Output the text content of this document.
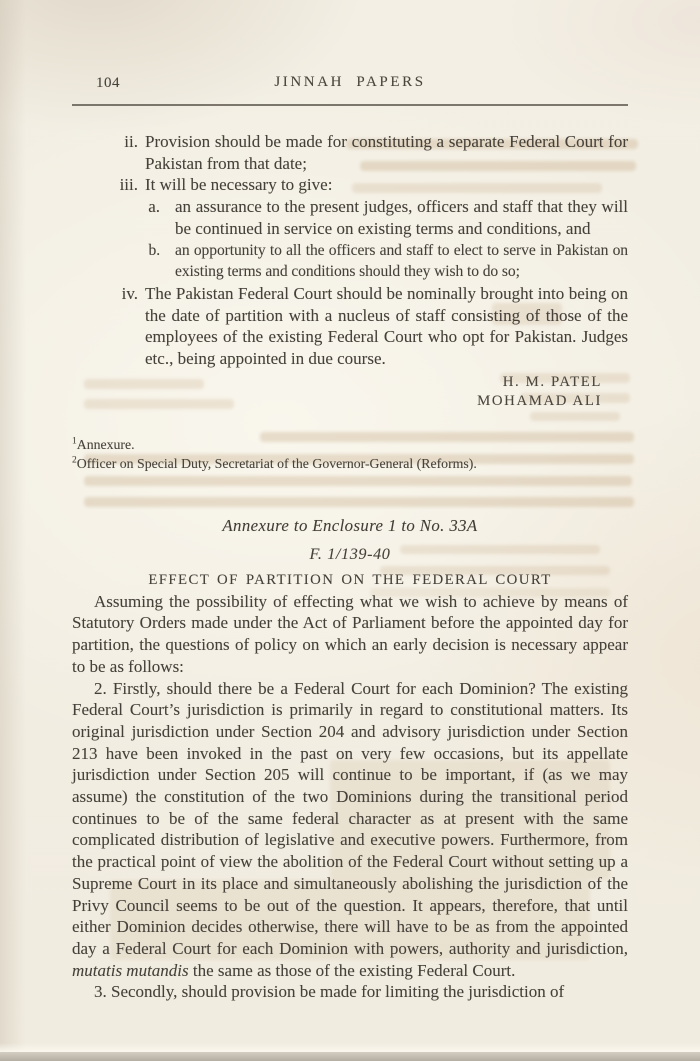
104	JINNAH PAPERS
ii. Provision should be made for constituting a separate Federal Court for Pakistan from that date;
iii. It will be necessary to give:
a. an assurance to the present judges, officers and staff that they will be continued in service on existing terms and conditions, and
b. an opportunity to all the officers and staff to elect to serve in Pakistan on existing terms and conditions should they wish to do so;
iv. The Pakistan Federal Court should be nominally brought into being on the date of partition with a nucleus of staff consisting of those of the employees of the existing Federal Court who opt for Pakistan. Judges etc., being appointed in due course.
H. M. PATEL
MOHAMAD ALI
$^1$Annexure.
$^2$Officer on Special Duty, Secretariat of the Governor-General (Reforms).
Annexure to Enclosure 1 to No. 33A
F. 1/139-40
EFFECT OF PARTITION ON THE FEDERAL COURT

Assuming the possibility of effecting what we wish to achieve by means of Statutory Orders made under the Act of Parliament before the appointed day for partition, the questions of policy on which an early decision is necessary appear to be as follows:

2. Firstly, should there be a Federal Court for each Dominion? The existing Federal Court’s jurisdiction is primarily in regard to constitutional matters. Its original jurisdiction under Section 204 and advisory jurisdiction under Section 213 have been invoked in the past on very few occasions, but its appellate jurisdiction under Section 205 will continue to be important, if (as we may assume) the constitution of the two Dominions during the transitional period continues to be of the same federal character as at present with the same complicated distribution of legislative and executive powers. Furthermore, from the practical point of view the abolition of the Federal Court without setting up a Supreme Court in its place and simultaneously abolishing the jurisdiction of the Privy Council seems to be out of the question. It appears, therefore, that until either Dominion decides otherwise, there will have to be as from the appointed day a Federal Court for each Dominion with powers, authority and jurisdiction, mutatis mutandis the same as those of the existing Federal Court.

3. Secondly, should provision be made for limiting the jurisdiction of
